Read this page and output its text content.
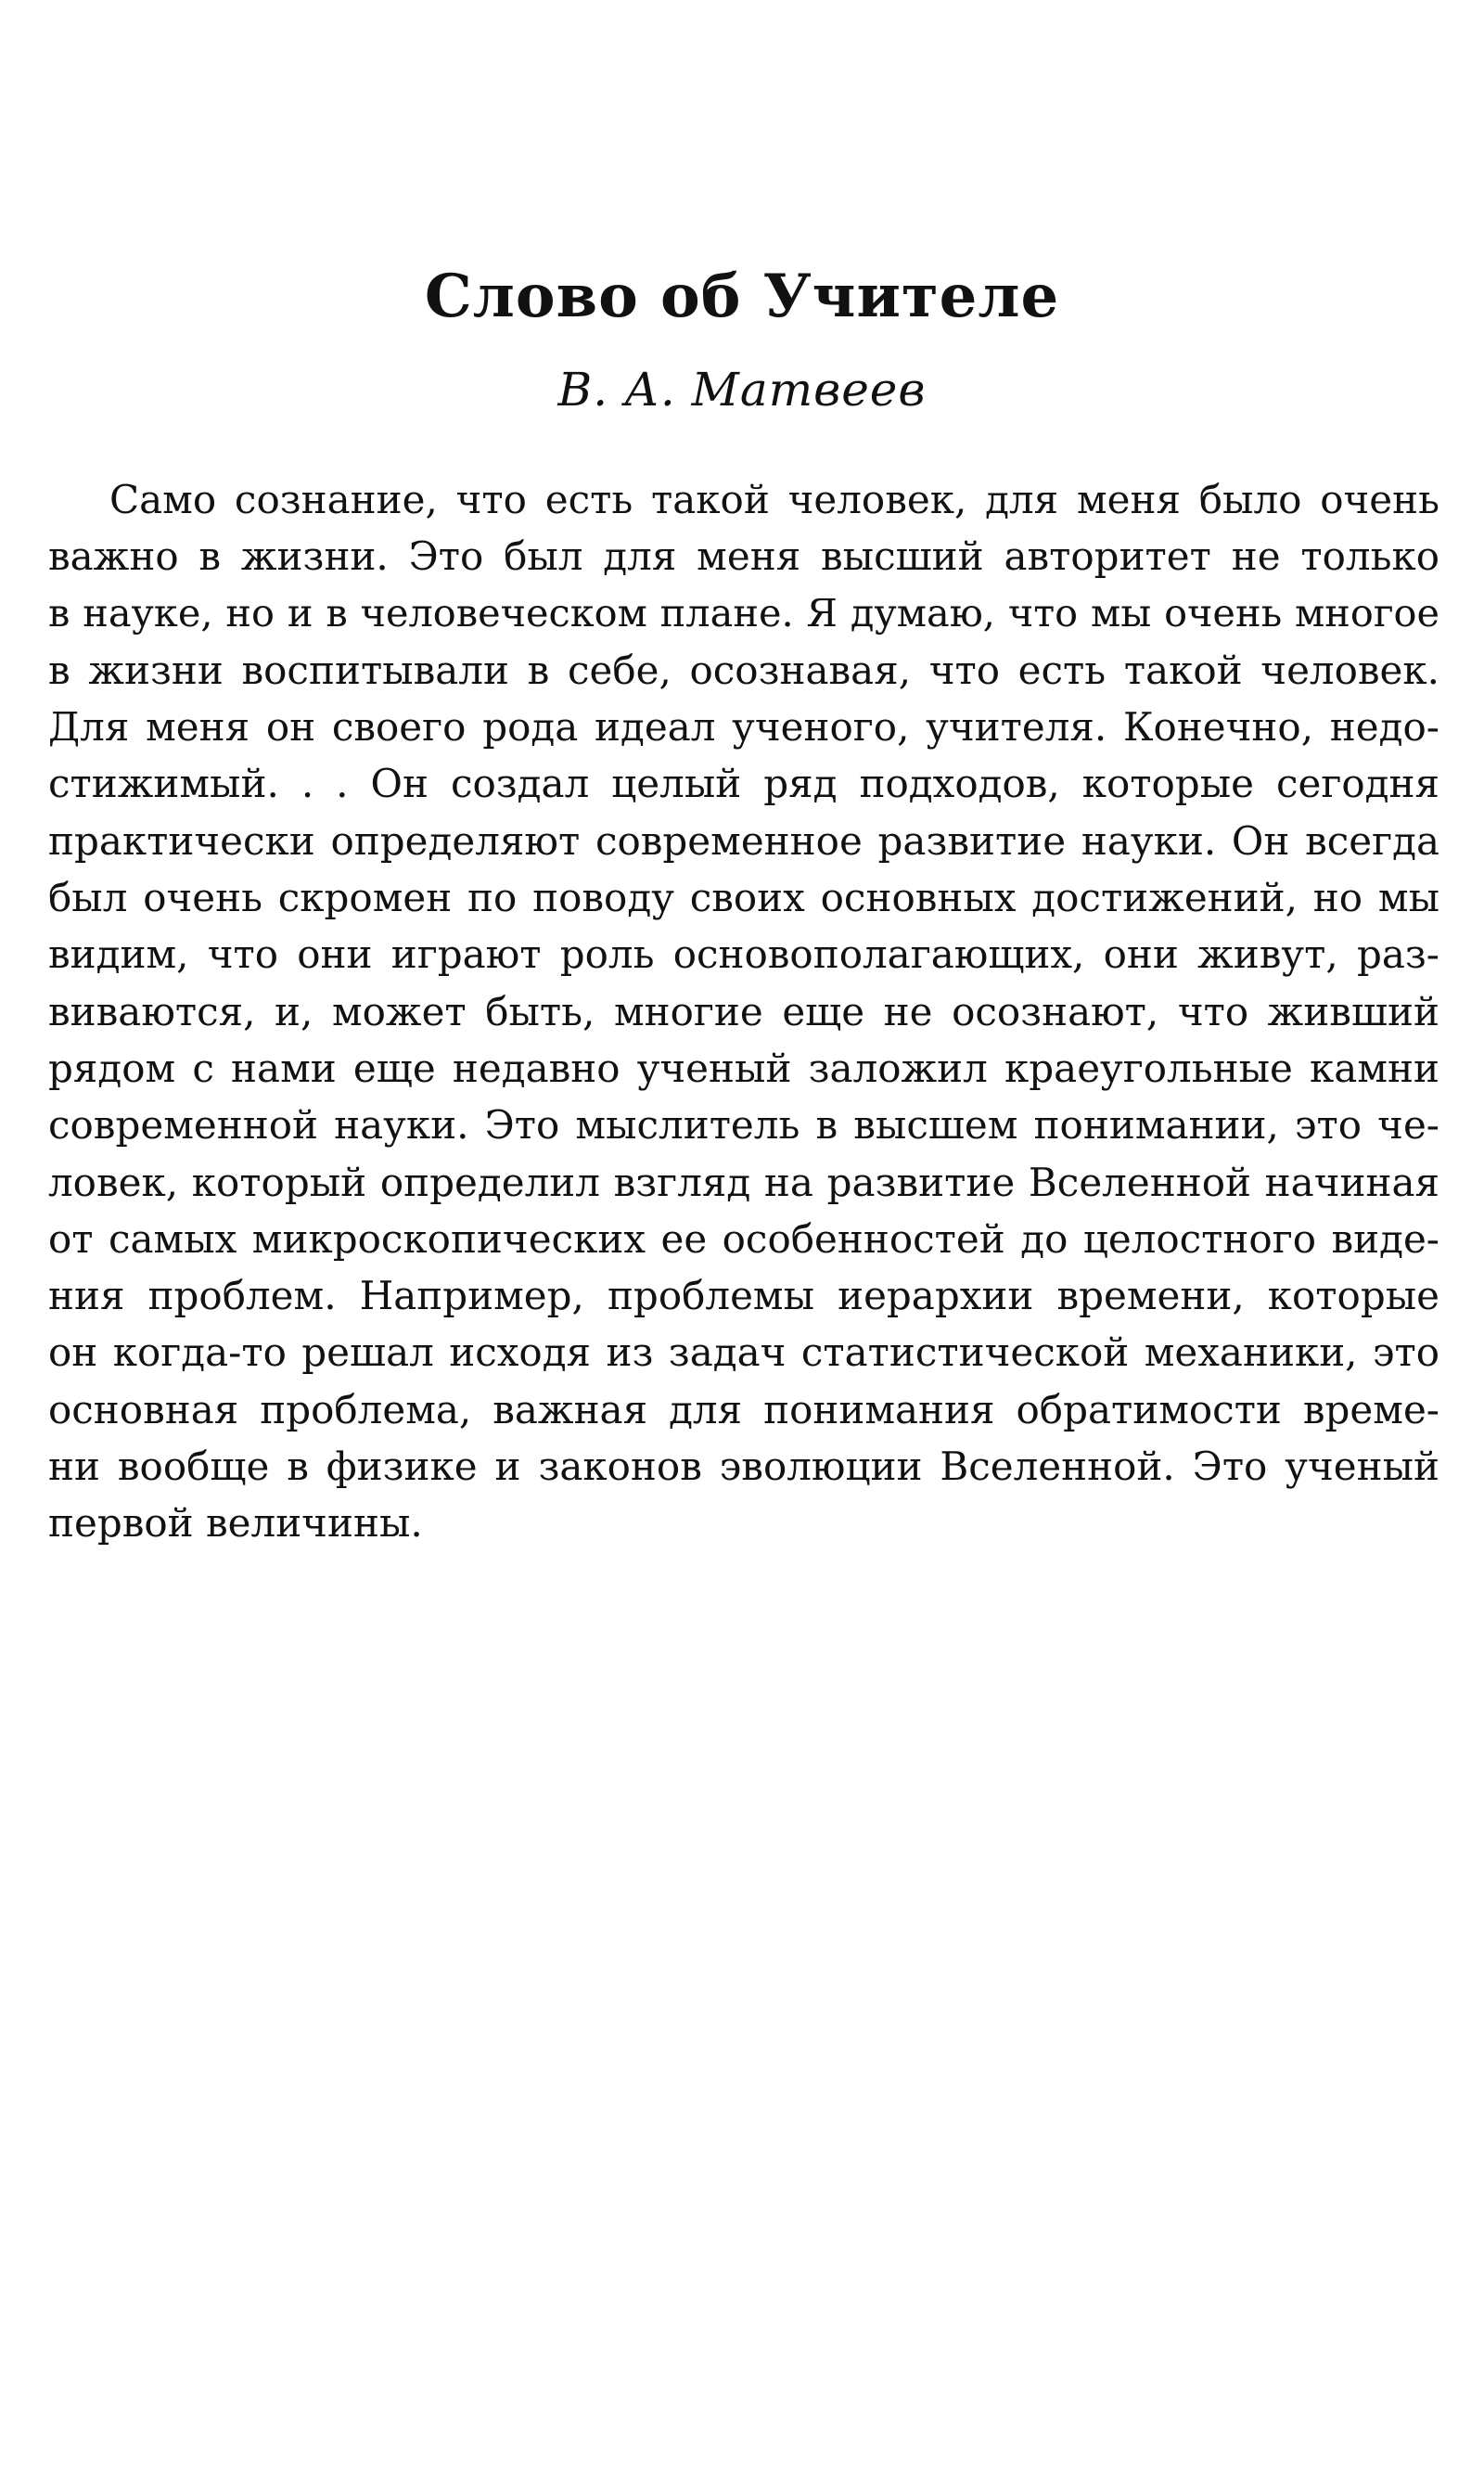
Слово об Учителе
В. А. Матвеев
Само сознание, что есть такой человек, для меня было очень
важно в жизни. Это был для меня высший авторитет не только
в науке, но и в человеческом плане. Я думаю, что мы очень многое
в жизни воспитывали в себе, осознавая, что есть такой человек.
Для меня он своего рода идеал ученого, учителя. Конечно, недо-
стижимый. . . Он создал целый ряд подходов, которые сегодня
практически определяют современное развитие науки. Он всегда
был очень скромен по поводу своих основных достижений, но мы
видим, что они играют роль основополагающих, они живут, раз-
виваются, и, может быть, многие еще не осознают, что живший
рядом с нами еще недавно ученый заложил краеугольные камни
современной науки. Это мыслитель в высшем понимании, это че-
ловек, который определил взгляд на развитие Вселенной начиная
от самых микроскопических ее особенностей до целостного виде-
ния проблем. Например, проблемы иерархии времени, которые
он когда-то решал исходя из задач статистической механики, это
основная проблема, важная для понимания обратимости време-
ни вообще в физике и законов эволюции Вселенной. Это ученый
первой величины.
